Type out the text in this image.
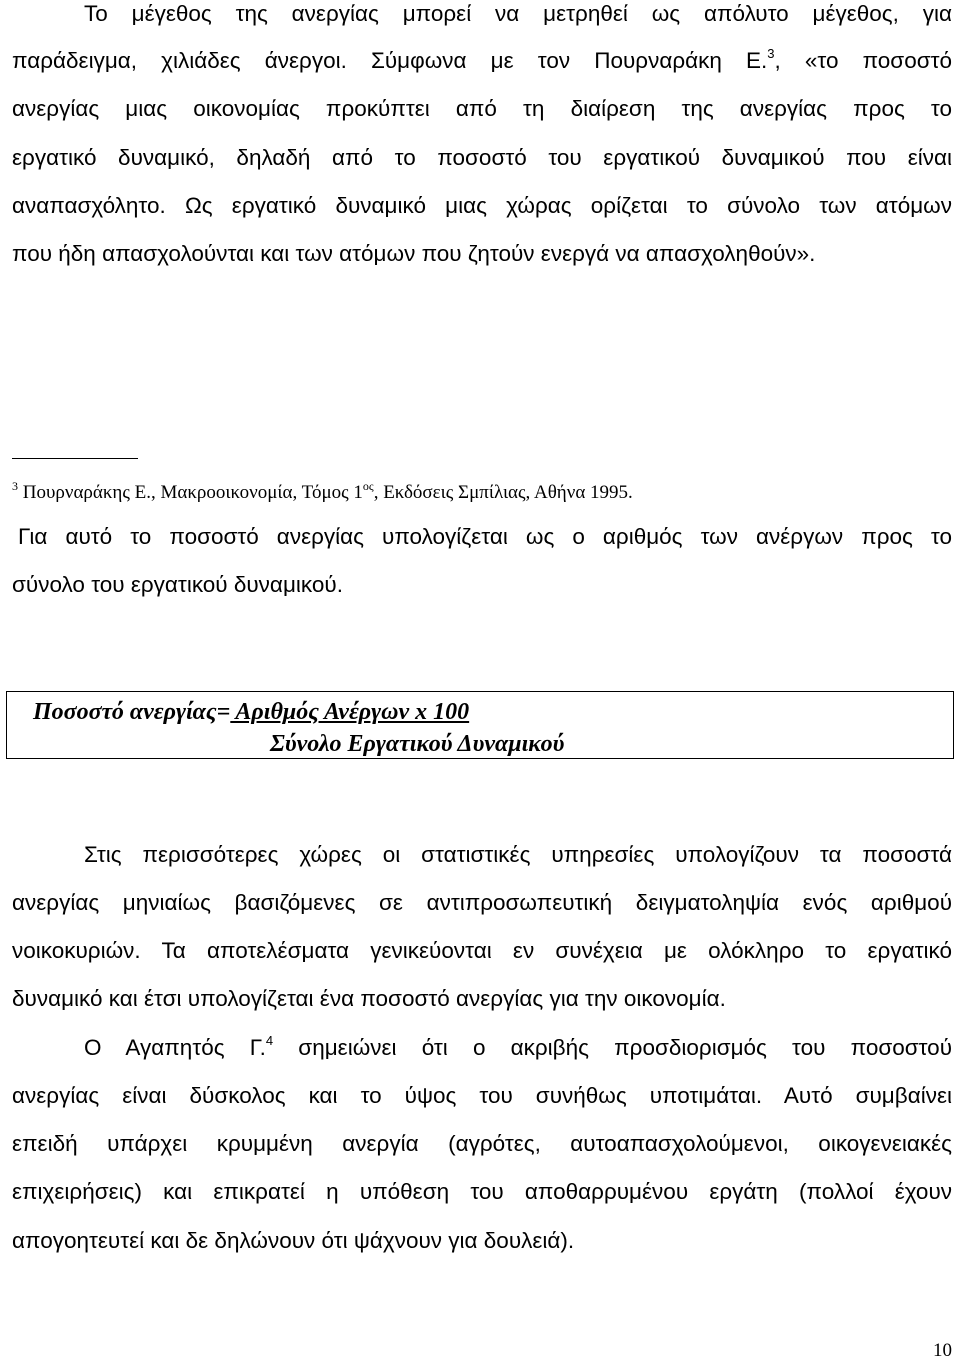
Το μέγεθος της ανεργίας μπορεί να μετρηθεί ως απόλυτο μέγεθος, για
παράδειγμα, χιλιάδες άνεργοι. Σύμφωνα με τον Πουρναράκη Ε.$^3$, «το ποσοστό
ανεργίας μιας οικονομίας προκύπτει από τη διαίρεση της ανεργίας προς το
εργατικό δυναμικό, δηλαδή από το ποσοστό του εργατικού δυναμικού που είναι
αναπασχόλητο. Ως εργατικό δυναμικό μιας χώρας ορίζεται το σύνολο των ατόμων
που ήδη απασχολούνται και των ατόμων που ζητούν ενεργά να απασχοληθούν».
$^3$ Πουρναράκης Ε., Μακροοικονομία, Τόμος $1^{o\varsigma}$, Εκδόσεις Σμπίλιας, Αθήνα 1995.
Για αυτό το ποσοστό ανεργίας υπολογίζεται ως ο αριθμός των ανέργων προς το
σύνολο του εργατικού δυναμικού.
Ποσοστό ανεργίας= Αριθμός Ανέργων x 100
Σύνολο Εργατικού Δυναμικού
Στις περισσότερες χώρες οι στατιστικές υπηρεσίες υπολογίζουν τα ποσοστά
ανεργίας μηνιαίως βασιζόμενες σε αντιπροσωπευτική δειγματοληψία ενός αριθμού
νοικοκυριών. Τα αποτελέσματα γενικεύονται εν συνέχεια με ολόκληρο το εργατικό
δυναμικό και έτσι υπολογίζεται ένα ποσοστό ανεργίας για την οικονομία.
Ο Αγαπητός Γ.$^4$ σημειώνει ότι ο ακριβής προσδιορισμός του ποσοστού
ανεργίας είναι δύσκολος και το ύψος του συνήθως υποτιμάται. Αυτό συμβαίνει
επειδή υπάρχει κρυμμένη ανεργία (αγρότες, αυτοαπασχολούμενοι, οικογενειακές
επιχειρήσεις) και επικρατεί η υπόθεση του αποθαρρυμένου εργάτη (πολλοί έχουν
απογοητευτεί και δε δηλώνουν ότι ψάχνουν για δουλειά).
10
